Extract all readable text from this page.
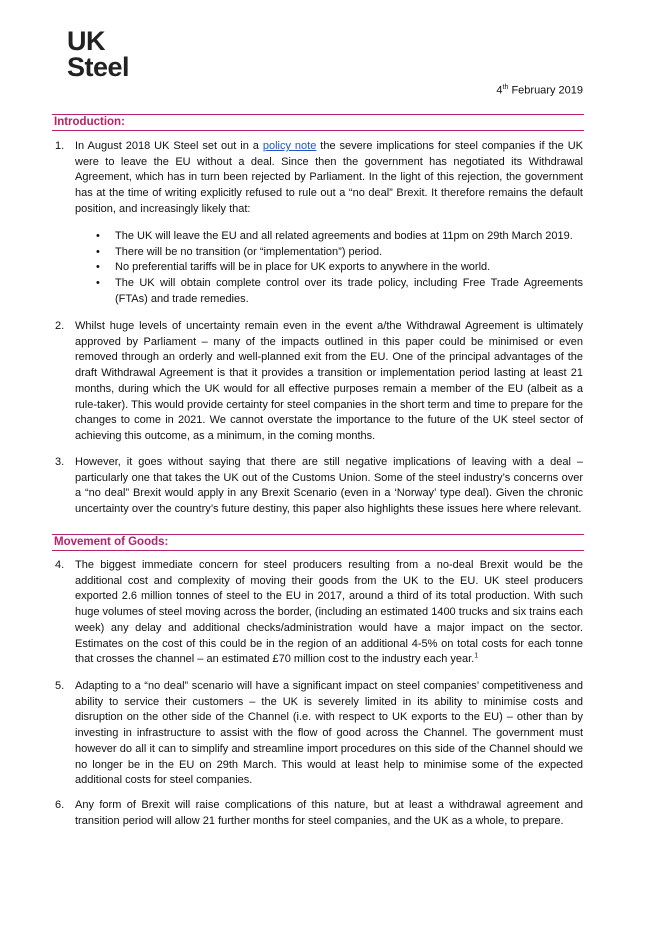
UK
Steel
4th February 2019
Introduction:
1. In August 2018 UK Steel set out in a policy note the severe implications for steel companies if the UK were to leave the EU without a deal. Since then the government has negotiated its Withdrawal Agreement, which has in turn been rejected by Parliament. In the light of this rejection, the government has at the time of writing explicitly refused to rule out a “no deal” Brexit. It therefore remains the default position, and increasingly likely that:
• The UK will leave the EU and all related agreements and bodies at 11pm on 29th March 2019.
• There will be no transition (or “implementation”) period.
• No preferential tariffs will be in place for UK exports to anywhere in the world.
• The UK will obtain complete control over its trade policy, including Free Trade Agreements (FTAs) and trade remedies.
2. Whilst huge levels of uncertainty remain even in the event a/the Withdrawal Agreement is ultimately approved by Parliament – many of the impacts outlined in this paper could be minimised or even removed through an orderly and well-planned exit from the EU. One of the principal advantages of the draft Withdrawal Agreement is that it provides a transition or implementation period lasting at least 21 months, during which the UK would for all effective purposes remain a member of the EU (albeit as a rule-taker). This would provide certainty for steel companies in the short term and time to prepare for the changes to come in 2021. We cannot overstate the importance to the future of the UK steel sector of achieving this outcome, as a minimum, in the coming months.
3. However, it goes without saying that there are still negative implications of leaving with a deal – particularly one that takes the UK out of the Customs Union. Some of the steel industry’s concerns over a “no deal” Brexit would apply in any Brexit Scenario (even in a ‘Norway’ type deal). Given the chronic uncertainty over the country’s future destiny, this paper also highlights these issues here where relevant.
Movement of Goods:
4. The biggest immediate concern for steel producers resulting from a no-deal Brexit would be the additional cost and complexity of moving their goods from the UK to the EU. UK steel producers exported 2.6 million tonnes of steel to the EU in 2017, around a third of its total production. With such huge volumes of steel moving across the border, (including an estimated 1400 trucks and six trains each week) any delay and additional checks/administration would have a major impact on the sector. Estimates on the cost of this could be in the region of an additional 4-5% on total costs for each tonne that crosses the channel – an estimated £70 million cost to the industry each year.$^1$
5. Adapting to a “no deal” scenario will have a significant impact on steel companies’ competitiveness and ability to service their customers – the UK is severely limited in its ability to minimise costs and disruption on the other side of the Channel (i.e. with respect to UK exports to the EU) – other than by investing in infrastructure to assist with the flow of good across the Channel. The government must however do all it can to simplify and streamline import procedures on this side of the Channel should we no longer be in the EU on 29th March. This would at least help to minimise some of the expected additional costs for steel companies.
6. Any form of Brexit will raise complications of this nature, but at least a withdrawal agreement and transition period will allow 21 further months for steel companies, and the UK as a whole, to prepare.
